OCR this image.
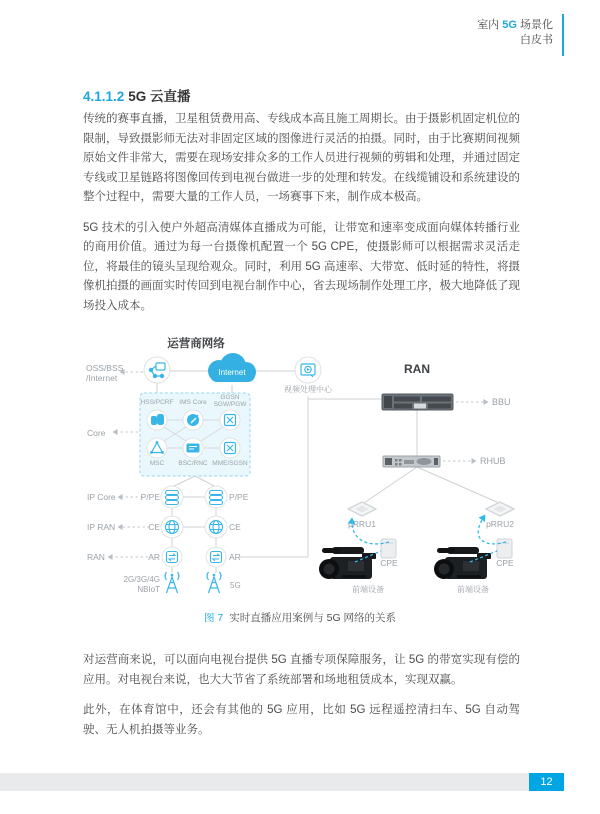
室内 5G 场景化
白皮书
4.1.1.2 5G 云直播

传统的赛事直播，卫星租赁费用高、专线成本高且施工周期长。由于摄影机固定机位的限制，导致摄影师无法对非固定区域的图像进行灵活的拍摄。同时，由于比赛期间视频原始文件非常大，需要在现场安排众多的工作人员进行视频的剪辑和处理，并通过固定专线或卫星链路将图像回传到电视台做进一步的处理和转发。在线缆铺设和系统建设的整个过程中，需要大量的工作人员，一场赛事下来，制作成本极高。

5G 技术的引入使户外超高清媒体直播成为可能，让带宽和速率变成面向媒体转播行业的商用价值。通过为每一台摄像机配置一个 5G CPE，使摄影师可以根据需求灵活走位，将最佳的镜头呈现给观众。同时，利用 5G 高速率、大带宽、低时延的特性，将摄像机拍摄的画面实时传回到电视台制作中心，省去现场制作处理工序，极大地降低了现场投入成本。

运营商网络
OSS/BSS
/Internet
Internet
视频处理中心
Core
HSS/PCRF IMS Core
GGSN
SGW/PGW
MSC BSC/RNC MME/SGSN
IP Core
IP RAN
RAN
P/PE	P/PE
CE	CE
AR	AR
2G/3G/4G
NBIoT	5G
RAN
BBU
RHUB
pRRU1	pRRU2
CPE	CPE
前端设备	前端设备
图 7 实时直播应用案例与 5G 网络的关系

对运营商来说，可以面向电视台提供 5G 直播专项保障服务，让 5G 的带宽实现有偿的应用。对电视台来说，也大大节省了系统部署和场地租赁成本，实现双赢。

此外，在体育馆中，还会有其他的 5G 应用，比如 5G 远程遥控清扫车、5G 自动驾驶、无人机拍摄等业务。

12
